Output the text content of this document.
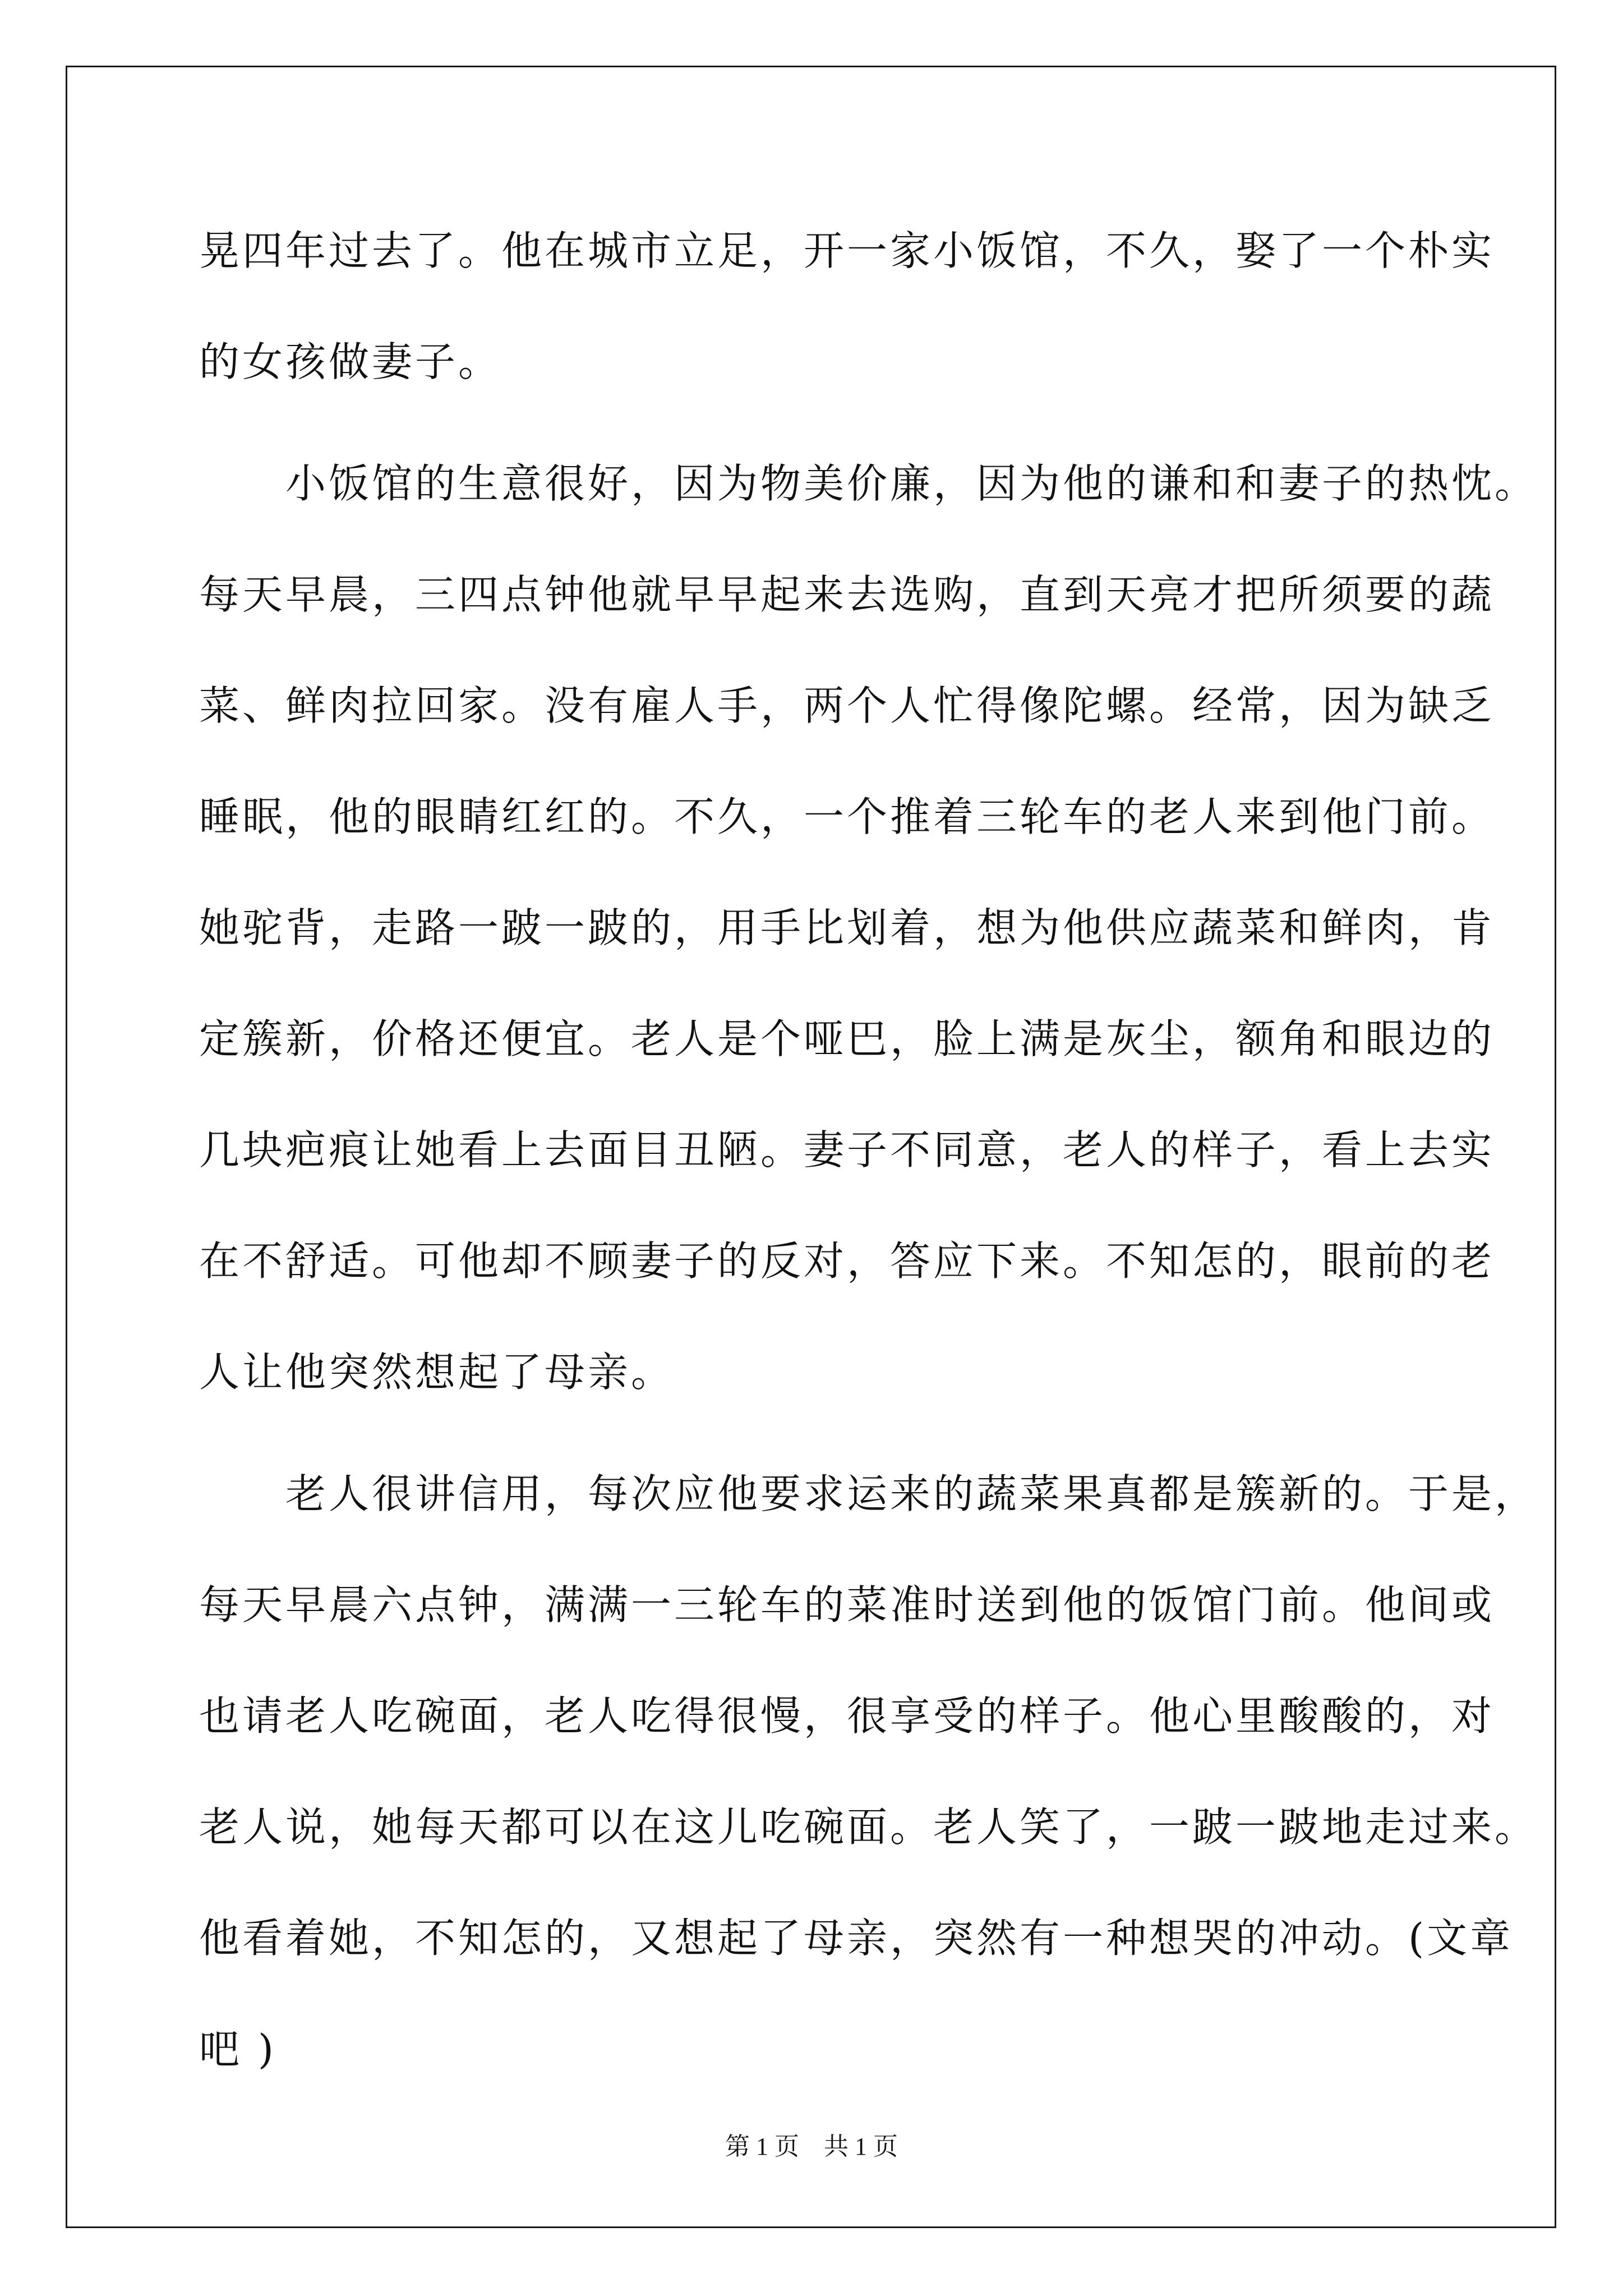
晃四年过去了。他在城市立足，开一家小饭馆，不久，娶了一个朴实
的女孩做妻子。
　　小饭馆的生意很好，因为物美价廉，因为他的谦和和妻子的热忱。
每天早晨，三四点钟他就早早起来去选购，直到天亮才把所须要的蔬
菜、鲜肉拉回家。没有雇人手，两个人忙得像陀螺。经常，因为缺乏
睡眠，他的眼睛红红的。不久，一个推着三轮车的老人来到他门前。
她驼背，走路一跛一跛的，用手比划着，想为他供应蔬菜和鲜肉，肯
定簇新，价格还便宜。老人是个哑巴，脸上满是灰尘，额角和眼边的
几块疤痕让她看上去面目丑陋。妻子不同意，老人的样子，看上去实
在不舒适。可他却不顾妻子的反对，答应下来。不知怎的，眼前的老
人让他突然想起了母亲。
　　老人很讲信用，每次应他要求运来的蔬菜果真都是簇新的。于是，
每天早晨六点钟，满满一三轮车的菜准时送到他的饭馆门前。他间或
也请老人吃碗面，老人吃得很慢，很享受的样子。他心里酸酸的，对
老人说，她每天都可以在这儿吃碗面。老人笑了，一跛一跛地走过来。
他看着她，不知怎的，又想起了母亲，突然有一种想哭的冲动。(文章
吧 )
第 1 页　共 1 页
